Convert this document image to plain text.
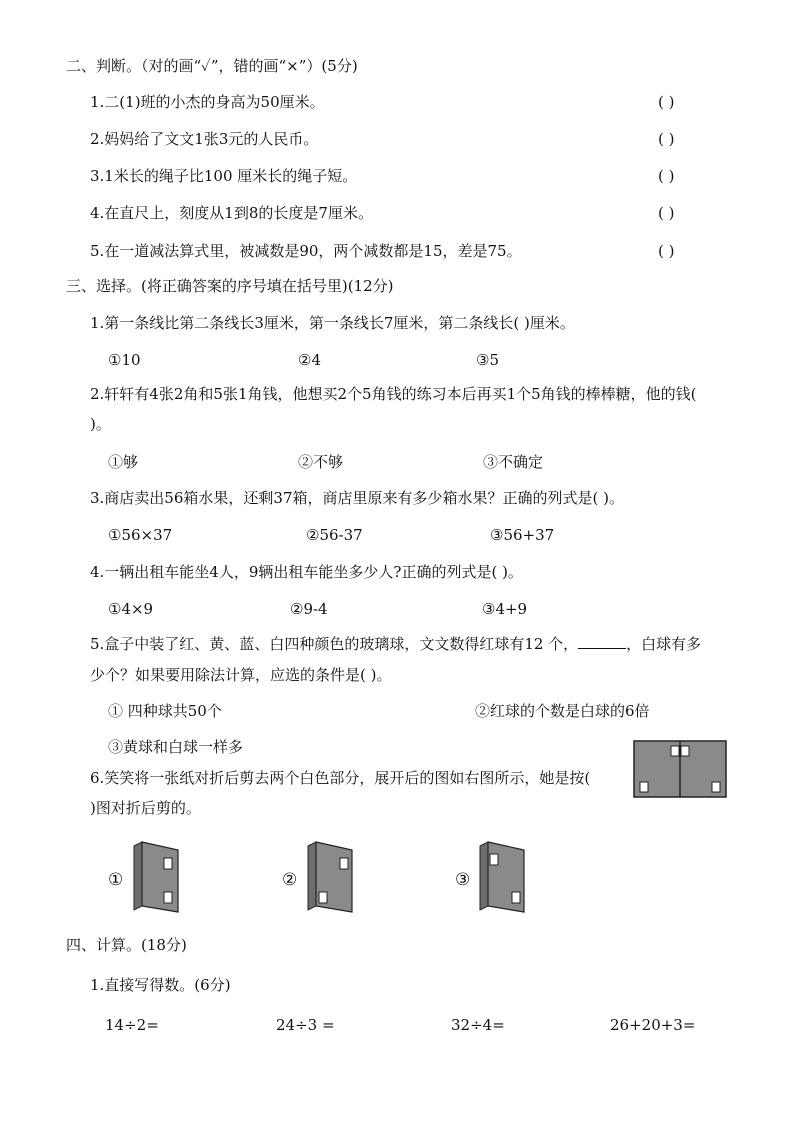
二、判断。（对的画“✓”，错的画“×”）(5分)
1.二(1)班的小杰的身高为50厘米。	( )
2.妈妈给了文文1张3元的人民币。	( )
3.1米长的绳子比100 厘米长的绳子短。	( )
4.在直尺上，刻度从1到8的长度是7厘米。	( )
5.在一道减法算式里，被减数是90，两个减数都是15，差是75。	( )
三、选择。(将正确答案的序号填在括号里)(12分)
1.第一条线比第二条线长3厘米，第一条线长7厘米，第二条线长( )厘米。
①10	②4	③5
2.轩轩有4张2角和5张1角钱，他想买2个5角钱的练习本后再买1个5角钱的棒棒糖，他的钱(
)。
①够	②不够	③不确定
3.商店卖出56箱水果，还剩37箱，商店里原来有多少箱水果？正确的列式是( )。
①56×37	②56-37	③56+37
4.一辆出租车能坐4人，9辆出租车能坐多少人?正确的列式是( )。
①4×9	②9-4	③4+9
5.盒子中装了红、黄、蓝、白四种颜色的玻璃球，文文数得红球有12 个，	，白球有多
少个？如果要用除法计算，应选的条件是( )。
① 四种球共50个	②红球的个数是白球的6倍
③黄球和白球一样多
6.笑笑将一张纸对折后剪去两个白色部分，展开后的图如右图所示，她是按(
)图对折后剪的。
①	②	③
四、计算。(18分)
1.直接写得数。(6分)
14÷2=	24÷3 =	32÷4=	26+20+3=
